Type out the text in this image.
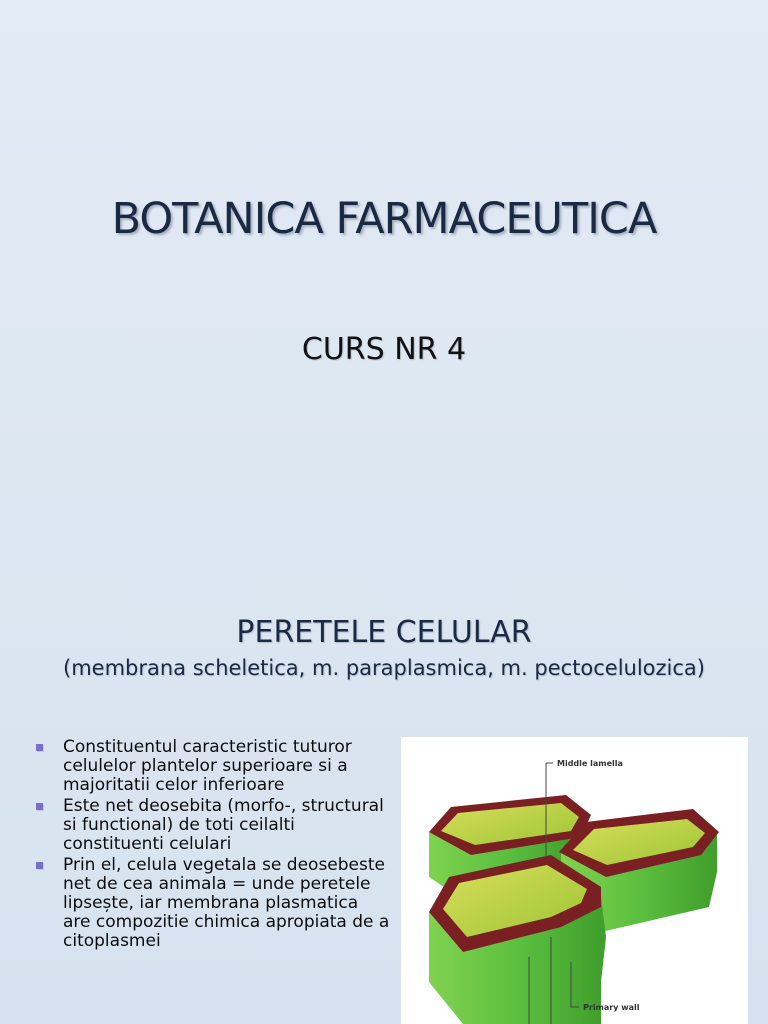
BOTANICA FARMACEUTICA
CURS NR 4
PERETELE CELULAR
(membrana scheletica, m. paraplasmica, m. pectocelulozica)
Constituentul caracteristic tuturor celulelor plantelor superioare si a majoritatii celor inferioare
Este net deosebita (morfo-, structural si functional) de toti ceilalti constituenti celulari
Prin el, celula vegetala se deosebeste net de cea animala = unde peretele lipsește, iar membrana plasmatica are compozitie chimica apropiata de a citoplasmei
Middle lamella
Primary wall
